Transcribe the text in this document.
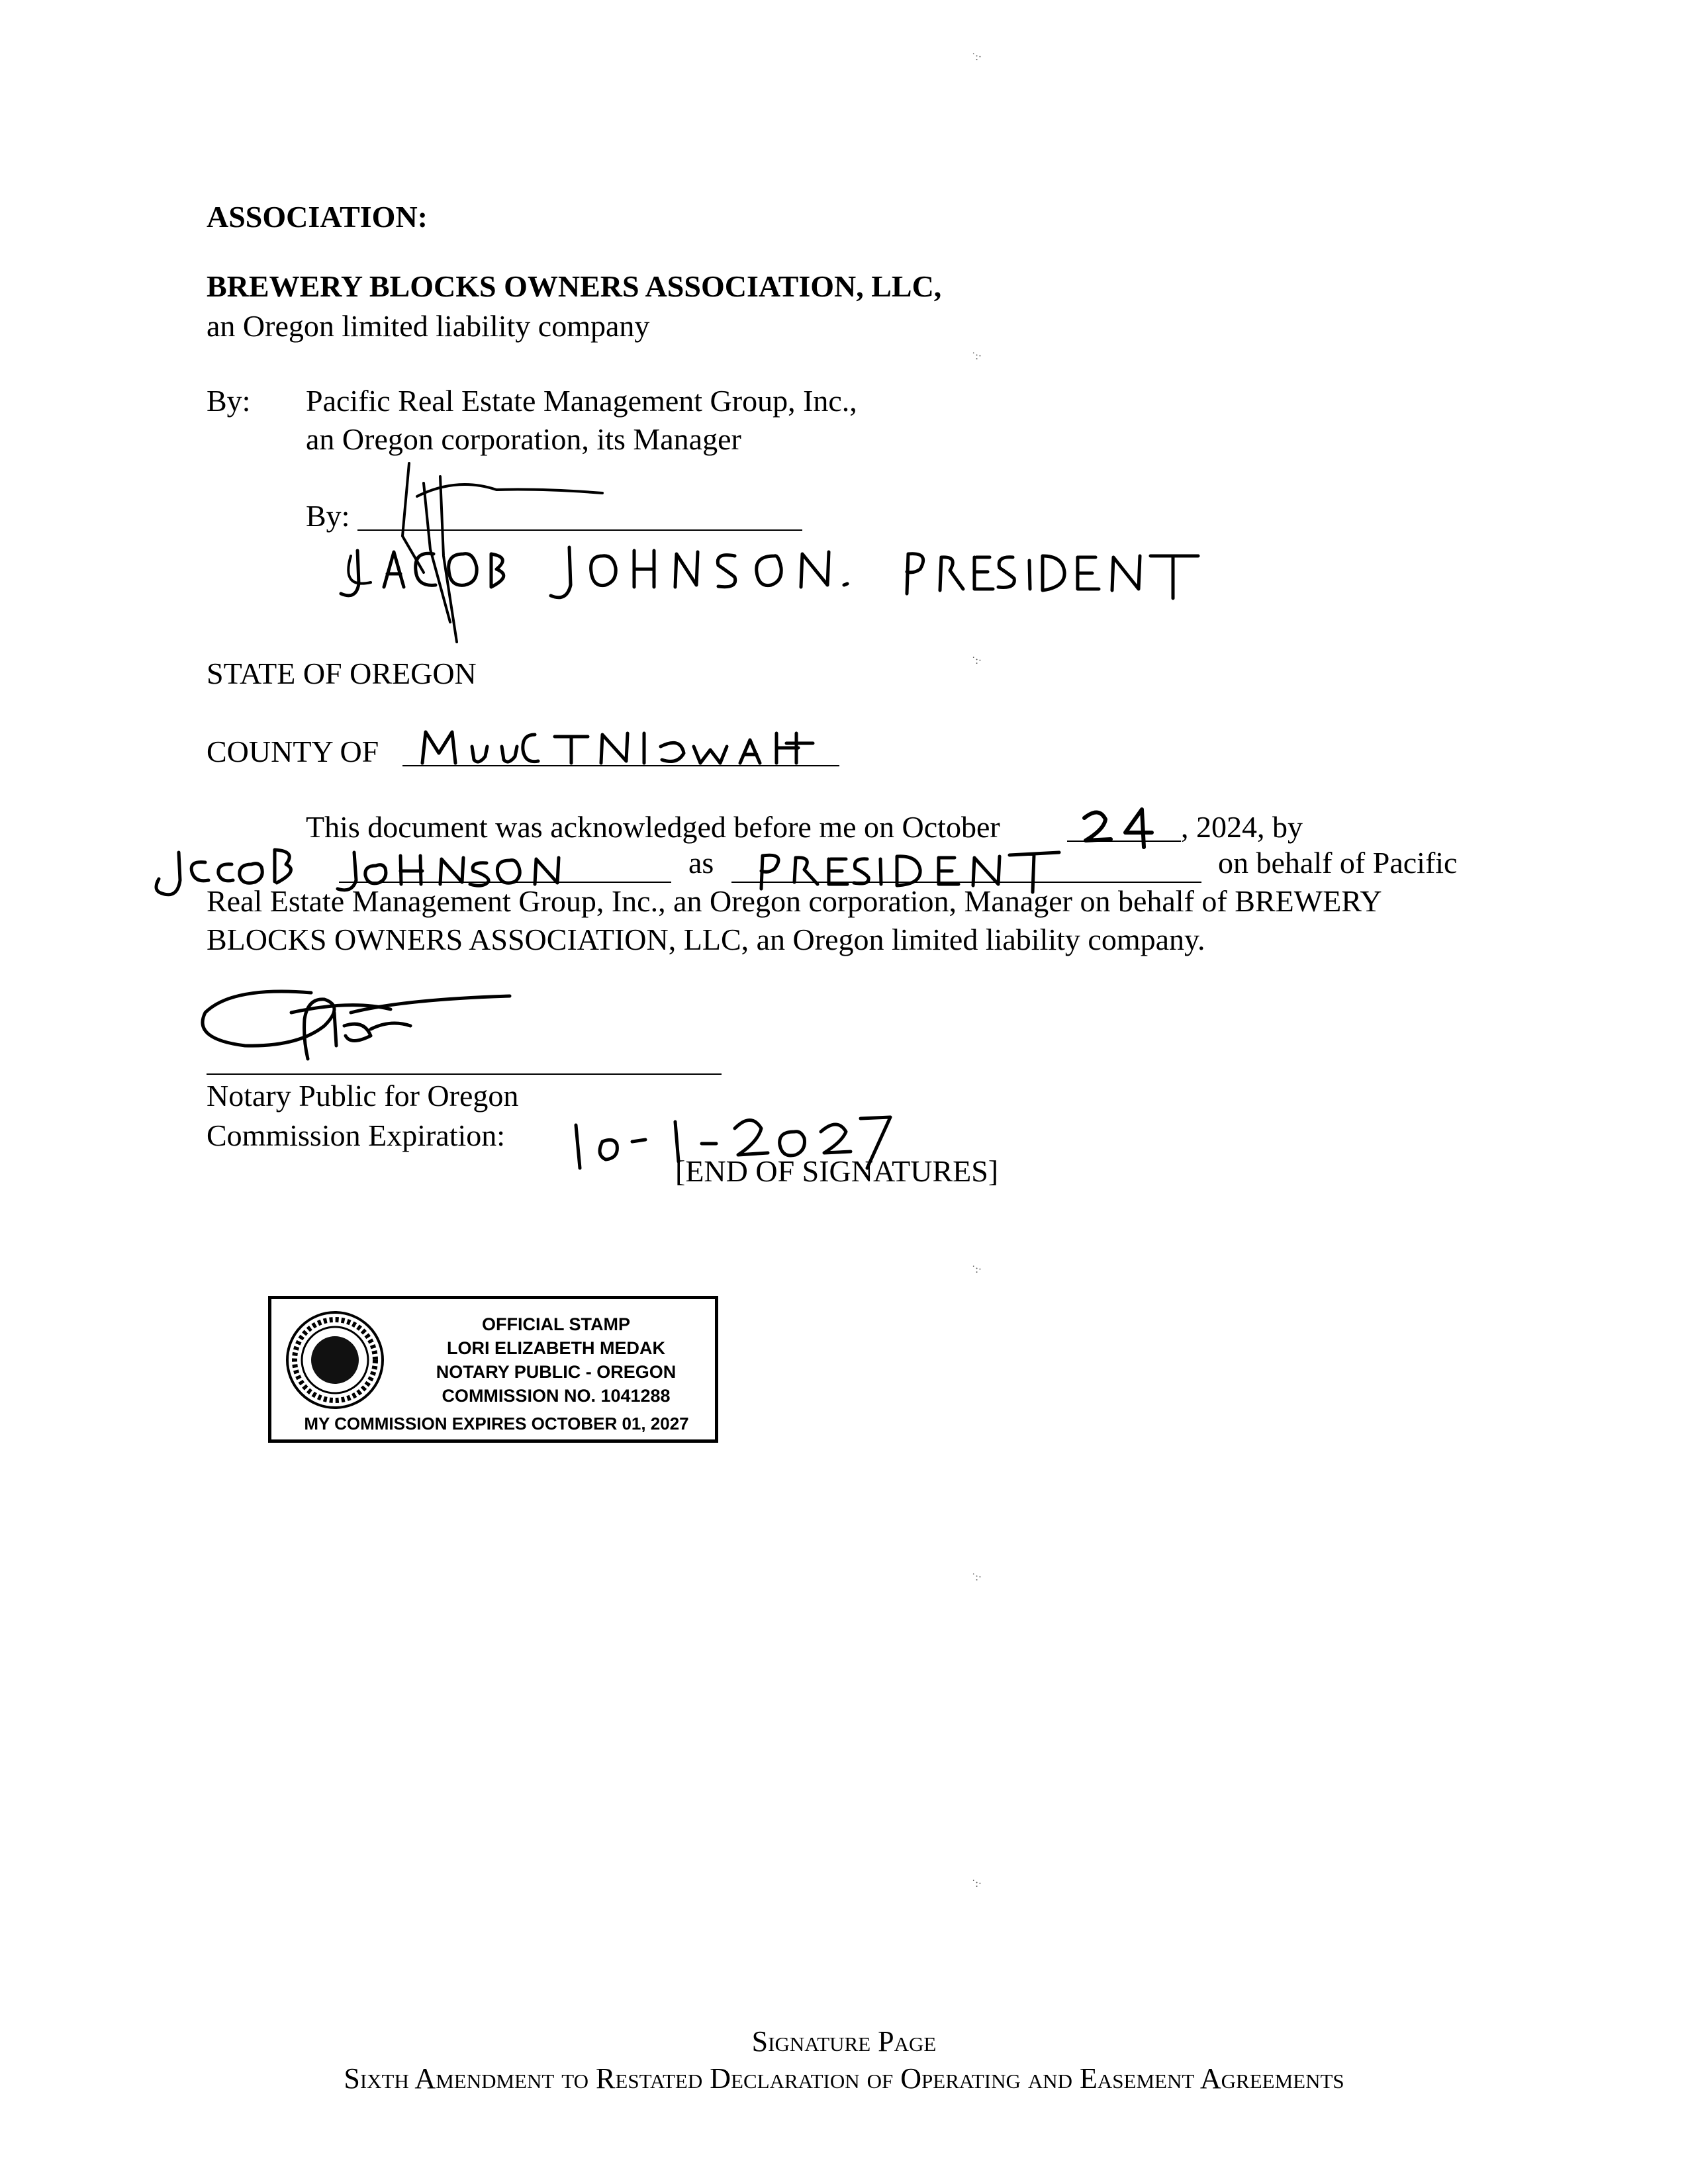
˙:·
˙:·
˙:·
˙:·
˙:·
˙:·
ASSOCIATION:
BREWERY BLOCKS OWNERS ASSOCIATION, LLC,
an Oregon limited liability company
By: Pacific Real Estate Management Group, Inc.,
an Oregon corporation, its Manager
By:
STATE OF OREGON
COUNTY OF
This document was acknowledged before me on October	, 2024, by
as	on behalf of Pacific
Real Estate Management Group, Inc., an Oregon corporation, Manager on behalf of BREWERY
BLOCKS OWNERS ASSOCIATION, LLC, an Oregon limited liability company.
Notary Public for Oregon
Commission Expiration:
[END OF SIGNATURES]
OFFICIAL STAMP
LORI ELIZABETH MEDAK
NOTARY PUBLIC - OREGON
COMMISSION NO. 1041288
MY COMMISSION EXPIRES OCTOBER 01, 2027
Signature Page
Sixth Amendment to Restated Declaration of Operating and Easement Agreements
